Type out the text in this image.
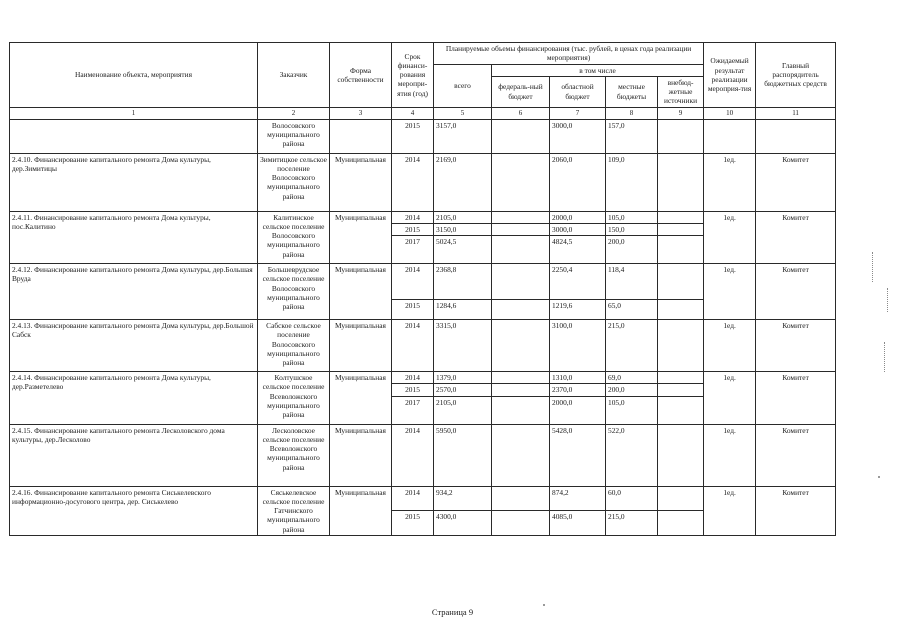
Наименование объекта, мероприятия	Заказчик	Форма собственности	Срок финанси-рования меропри-ятия (год)	Планируемые объемы финансирования (тыс. рублей, в ценах года реализации мероприятия)					Ожидаемый результат реализации мероприя-тия	Главный распорядитель бюджетных средств
				всего	в том числе					
					федераль-ный бюджет	областной бюджет	местные бюджеты	внебюд-жетные источники		
1	2	3	4	5	6	7	8	9	10	11
	Волосовского муниципального района		2015	3157,0		3000,0	157,0			
2.4.10. Финансирование капитального ремонта Дома культуры, дер.Зимитицы	Зимитицкое сельское поселение Волосовского муниципального района	Муниципальная	2014	2169,0		2060,0	109,0		1ед.	Комитет
2.4.11. Финансирование капитального ремонта Дома культуры, пос.Калитино	Калитинское сельское поселение Волосовского муниципального района	Муниципальная	2014	2105,0		2000,0	105,0		1ед.	Комитет
			2015	3150,0		3000,0	150,0			
			2017	5024,5		4824,5	200,0			
2.4.12. Финансирование капитального ремонта Дома культуры, дер.Большая Вруда	Большеврудское сельское поселение Волосовского муниципального района	Муниципальная	2014	2368,8		2250,4	118,4		1ед.	Комитет
			2015	1284,6		1219,6	65,0			
2.4.13. Финансирование капитального ремонта Дома культуры, дер.Большой Сабск	Сабское сельское поселение Волосовского муниципального района	Муниципальная	2014	3315,0		3100,0	215,0		1ед.	Комитет
2.4.14. Финансирование капитального ремонта Дома культуры, дер.Разметелево	Колтушское сельское поселение Всеволожского муниципального района	Муниципальная	2014	1379,0		1310,0	69,0		1ед.	Комитет
			2015	2570,0		2370,0	200,0			
			2017	2105,0		2000,0	105,0			
2.4.15. Финансирование капитального ремонта Лесколовского дома культуры, дер.Лесколово	Лесколовское сельское поселение Всеволожского муниципального района	Муниципальная	2014	5950,0		5428,0	522,0		1ед.	Комитет
2.4.16. Финансирование капитального ремонта Сиськелевского информационно-досугового центра, дер. Сиськелево	Сяськелевское сельское поселение Гатчинского муниципального района	Муниципальная	2014	934,2		874,2	60,0		1ед.	Комитет
			2015	4300,0		4085,0	215,0			
Страница 9
